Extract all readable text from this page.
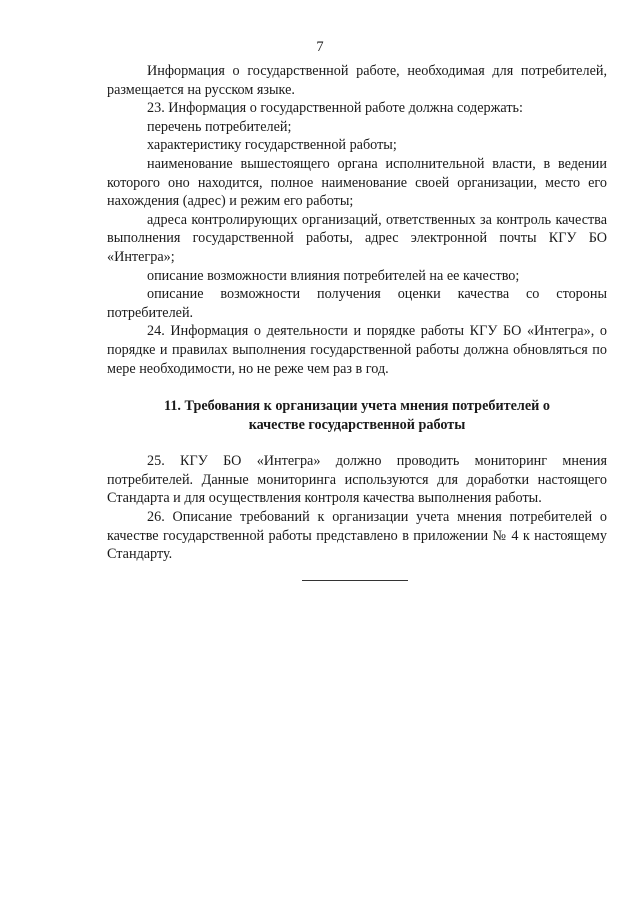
7

Информация о государственной работе, необходимая для потребителей, размещается на русском языке.

23. Информация о государственной работе должна содержать:

перечень потребителей;

характеристику государственной работы;

наименование вышестоящего органа исполнительной власти, в ведении которого оно находится, полное наименование своей организации, место его нахождения (адрес) и режим его работы;

адреса контролирующих организаций, ответственных за контроль качества выполнения государственной работы, адрес электронной почты КГУ БО «Интегра»;

описание возможности влияния потребителей на ее качество;

описание возможности получения оценки качества со стороны потребителей.

24. Информация о деятельности и порядке работы КГУ БО «Интегра», о порядке и правилах выполнения государственной работы должна обновляться по мере необходимости, но не реже чем раз в год.

11. Требования к организации учета мнения потребителей о
качестве государственной работы

25. КГУ БО «Интегра» должно проводить мониторинг мнения потребителей. Данные мониторинга используются для доработки настоящего Стандарта и для осуществления контроля качества выполнения работы.

26. Описание требований к организации учета мнения потребителей о качестве государственной работы представлено в приложении № 4 к настоящему Стандарту.
